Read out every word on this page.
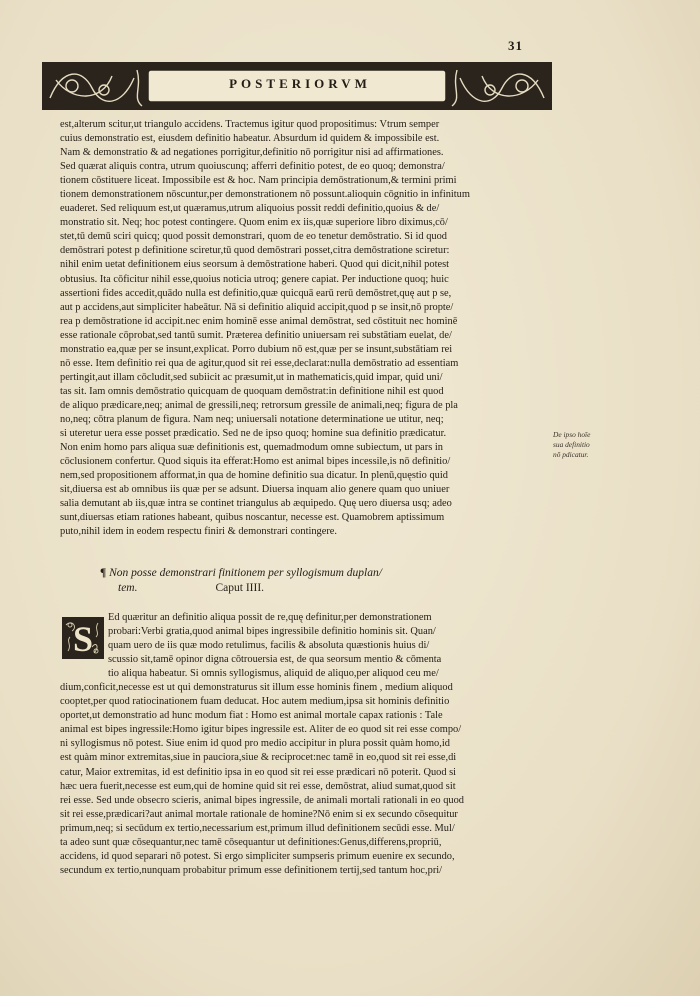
31
POSTERIORVM
est,alterum scitur,ut triangulo accidens. Tractemus igitur quod propositimus: Vtrum semper
cuius demonstratio est, eiusdem definitio habeatur. Absurdum id quidem & impossibile est.
Nam & demonstratio & ad negationes porrigitur,definitio nō porrigitur nisi ad affirmationes.
Sed quærat aliquis contra, utrum quoiuscunq; afferri definitio potest, de eo quoq; demonstra/
tionem cōstituere liceat. Impossibile est & hoc. Nam principia demōstrationum,& termini primi
tionem demonstrationem nōscuntur,per demonstrationem nō possunt.alioquin cōgnitio in infinitum
euaderet. Sed reliquum est,ut quæramus,utrum aliquoius possit reddi definitio,quoius & de/
monstratio sit. Neq; hoc potest contingere. Quom enim ex iis,quæ superiore libro diximus,cō/
stet,tū demū sciri quicq; quod possit demonstrari, quom de eo tenetur demōstratio. Si id quod
demōstrari potest p definitione sciretur,tū quod demōstrari posset,citra demōstratione sciretur:
nihil enim uetat definitionem eius seorsum à demōstratione haberi. Quod qui dicit,nihil potest
obtusius. Ita cōficitur nihil esse,quoius noticia utroq; genere capiat. Per inductione quoq; huic
assertioni fides accedit,quādo nulla est definitio,quæ quicquā earū rerū demōstret,quę aut p se,
aut p accidens,aut simpliciter habeātur. Nā si definitio aliquid accipit,quod p se insit,nō propte/
rea p demōstratione id accipit.nec enim hominē esse animal demōstrat, sed cōstituit nec hominē
esse rationale cōprobat,sed tantū sumit. Præterea definitio uniuersam rei substātiam euelat, de/
monstratio ea,quæ per se insunt,explicat. Porro dubium nō est,quæ per se insunt,substātiam rei
nō esse. Item definitio rei qua de agitur,quod sit rei esse,declarat:nulla demōstratio ad essentiam
pertingit,aut illam cōcludit,sed subiicit ac præsumit,ut in mathematicis,quid impar, quid uni/
tas sit. Iam omnis demōstratio quicquam de quoquam demōstrat:in definitione nihil est quod
de aliquo prædicare,neq; animal de gressili,neq; retrorsum gressile de animali,neq; figura de pla
no,neq; cōtra planum de figura. Nam neq; uniuersali notatione determinatione ue utitur, neq;
si uteretur uera esse posset prædicatio. Sed ne de ipso quoq; homine sua definitio prædicatur.
Non enim homo pars aliqua suæ definitionis est, quemadmodum omne subiectum, ut pars in
cōclusionem confertur. Quod siquis ita efferat:Homo est animal bipes incessile,is nō definitio/
nem,sed propositionem afformat,in qua de homine definitio sua dicatur. In plenū,quęstio quid
sit,diuersa est ab omnibus iis quæ per se adsunt. Diuersa inquam alio genere quam quo uniuer
salia demutant ab iis,quæ intra se continet triangulus ab æquipedo. Quę uero diuersa usq; adeo
sunt,diuersas etiam rationes habeant, quibus noscantur, necesse est. Quamobrem aptissimum
puto,nihil idem in eodem respectu finiri & demonstrari contingere.
De ipso hoīe
sua definitio
nō pdicatur.
¶ Non posse demonstrari finitionem per syllogismum duplan/
tem.	Caput IIII.
S
Ed quæritur an definitio aliqua possit de re,quę definitur,per demonstrationem
probari:Verbi gratia,quod animal bipes ingressibile definitio hominis sit. Quan/
quam uero de iis quæ modo retulimus, facilis & absoluta quæstionis huius di/
scussio sit,tamē opinor digna cōtrouersia est, de qua seorsum mentio & cōmenta
tio aliqua habeatur. Si omnis syllogismus, aliquid de aliquo,per aliquod ceu me/
dium,conficit,necesse est ut qui demonstraturus sit illum esse hominis finem , medium aliquod
cooptet,per quod ratiocinationem fuam deducat. Hoc autem medium,ipsa sit hominis definitio
oportet,ut demonstratio ad hunc modum fiat : Homo est animal mortale capax rationis : Tale
animal est bipes ingressile:Homo igitur bipes ingressile est. Aliter de eo quod sit rei esse compo/
ni syllogismus nō potest. Siue enim id quod pro medio accipitur in plura possit quàm homo,id
est quàm minor extremitas,siue in pauciora,siue & reciprocet:nec tamē in eo,quod sit rei esse,di
catur, Maior extremitas, id est definitio ipsa in eo quod sit rei esse prædicari nō poterit. Quod si
hæc uera fuerit,necesse est eum,qui de homine quid sit rei esse, demōstrat, aliud sumat,quod sit
rei esse. Sed unde obsecro scieris, animal bipes ingressile, de animali mortali rationali in eo quod
sit rei esse,prædicari?aut animal mortale rationale de homine?Nō enim si ex secundo cōsequitur
primum,neq; si secūdum ex tertio,necessarium est,primum illud definitionem secūdi esse. Mul/
ta adeo sunt quæ cōsequantur,nec tamē cōsequantur ut definitiones:Genus,differens,propriū,
accidens, id quod separari nō potest. Si ergo simpliciter sumpseris primum euenire ex secundo,
secundum ex tertio,nunquam probabitur primum esse definitionem tertij,sed tantum hoc,pri/
